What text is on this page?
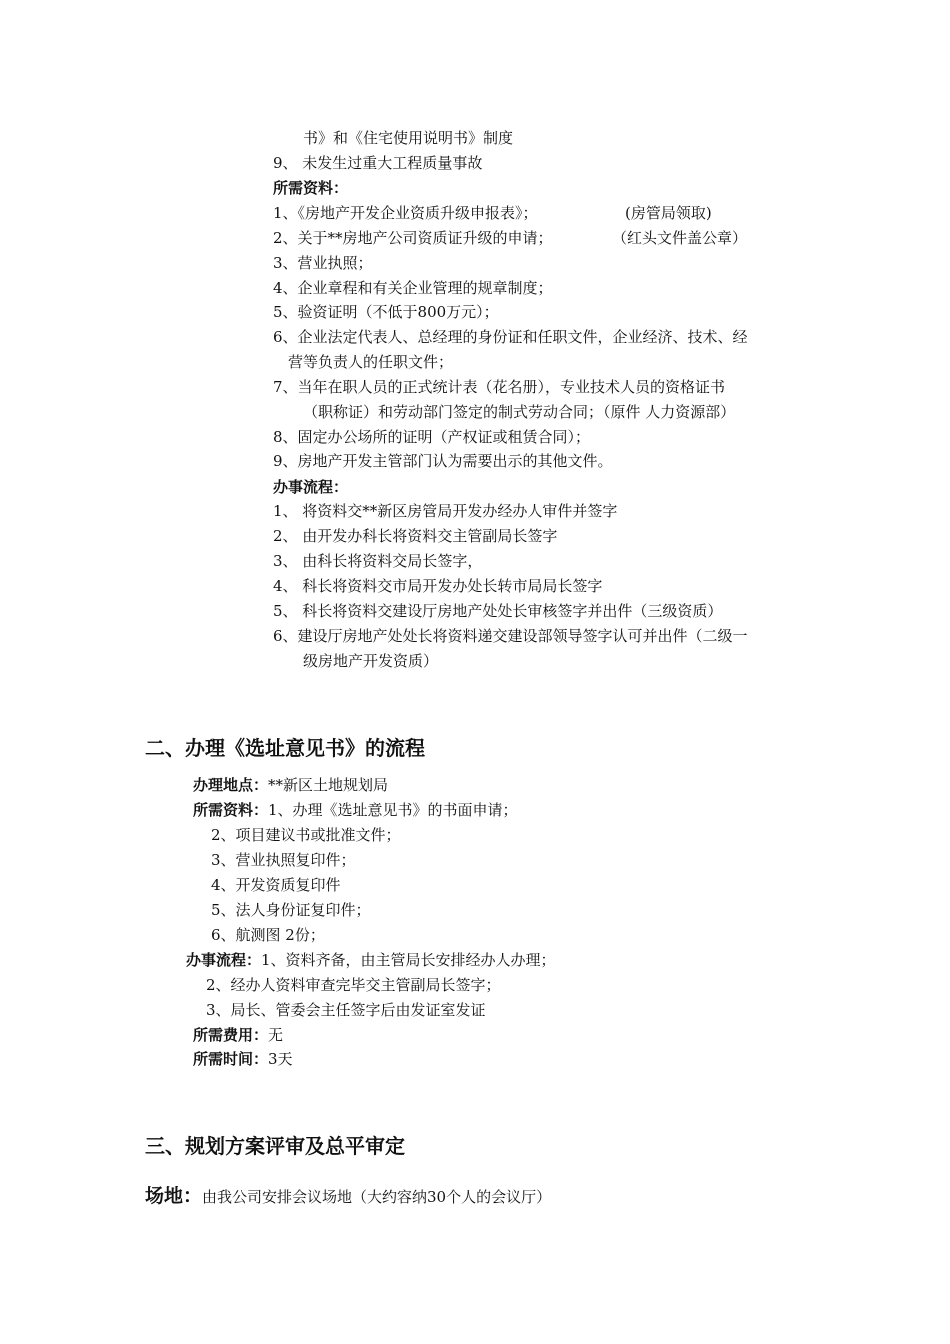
书》和《住宅使用说明书》制度
9、 未发生过重大工程质量事故
所需资料：
1、《房地产开发企业资质升级申报表》；	(房管局领取)
2、关于**房地产公司资质证升级的申请；	（红头文件盖公章）
3、营业执照；
4、企业章程和有关企业管理的规章制度；
5、验资证明（不低于800万元）；
6、企业法定代表人、总经理的身份证和任职文件，企业经济、技术、经
营等负责人的任职文件；
7、当年在职人员的正式统计表（花名册），专业技术人员的资格证书
（职称证）和劳动部门签定的制式劳动合同；（原件 人力资源部）
8、固定办公场所的证明（产权证或租赁合同）；
9、房地产开发主管部门认为需要出示的其他文件。
办事流程：
1、 将资料交**新区房管局开发办经办人审件并签字
2、 由开发办科长将资料交主管副局长签字
3、 由科长将资料交局长签字，
4、 科长将资料交市局开发办处长转市局局长签字
5、 科长将资料交建设厅房地产处处长审核签字并出件（三级资质）
6、建设厅房地产处处长将资料递交建设部领导签字认可并出件（二级一
级房地产开发资质）
二、办理《选址意见书》的流程
办理地点：**新区土地规划局
所需资料：1、办理《选址意见书》的书面申请；
2、项目建议书或批准文件；
3、营业执照复印件；
4、开发资质复印件
5、法人身份证复印件；
6、航测图 2份；
办事流程：1、资料齐备，由主管局长安排经办人办理；
2、经办人资料审查完毕交主管副局长签字；
3、局长、管委会主任签字后由发证室发证
所需费用：无
所需时间：3天
三、规划方案评审及总平审定
场地：由我公司安排会议场地（大约容纳30个人的会议厅）
